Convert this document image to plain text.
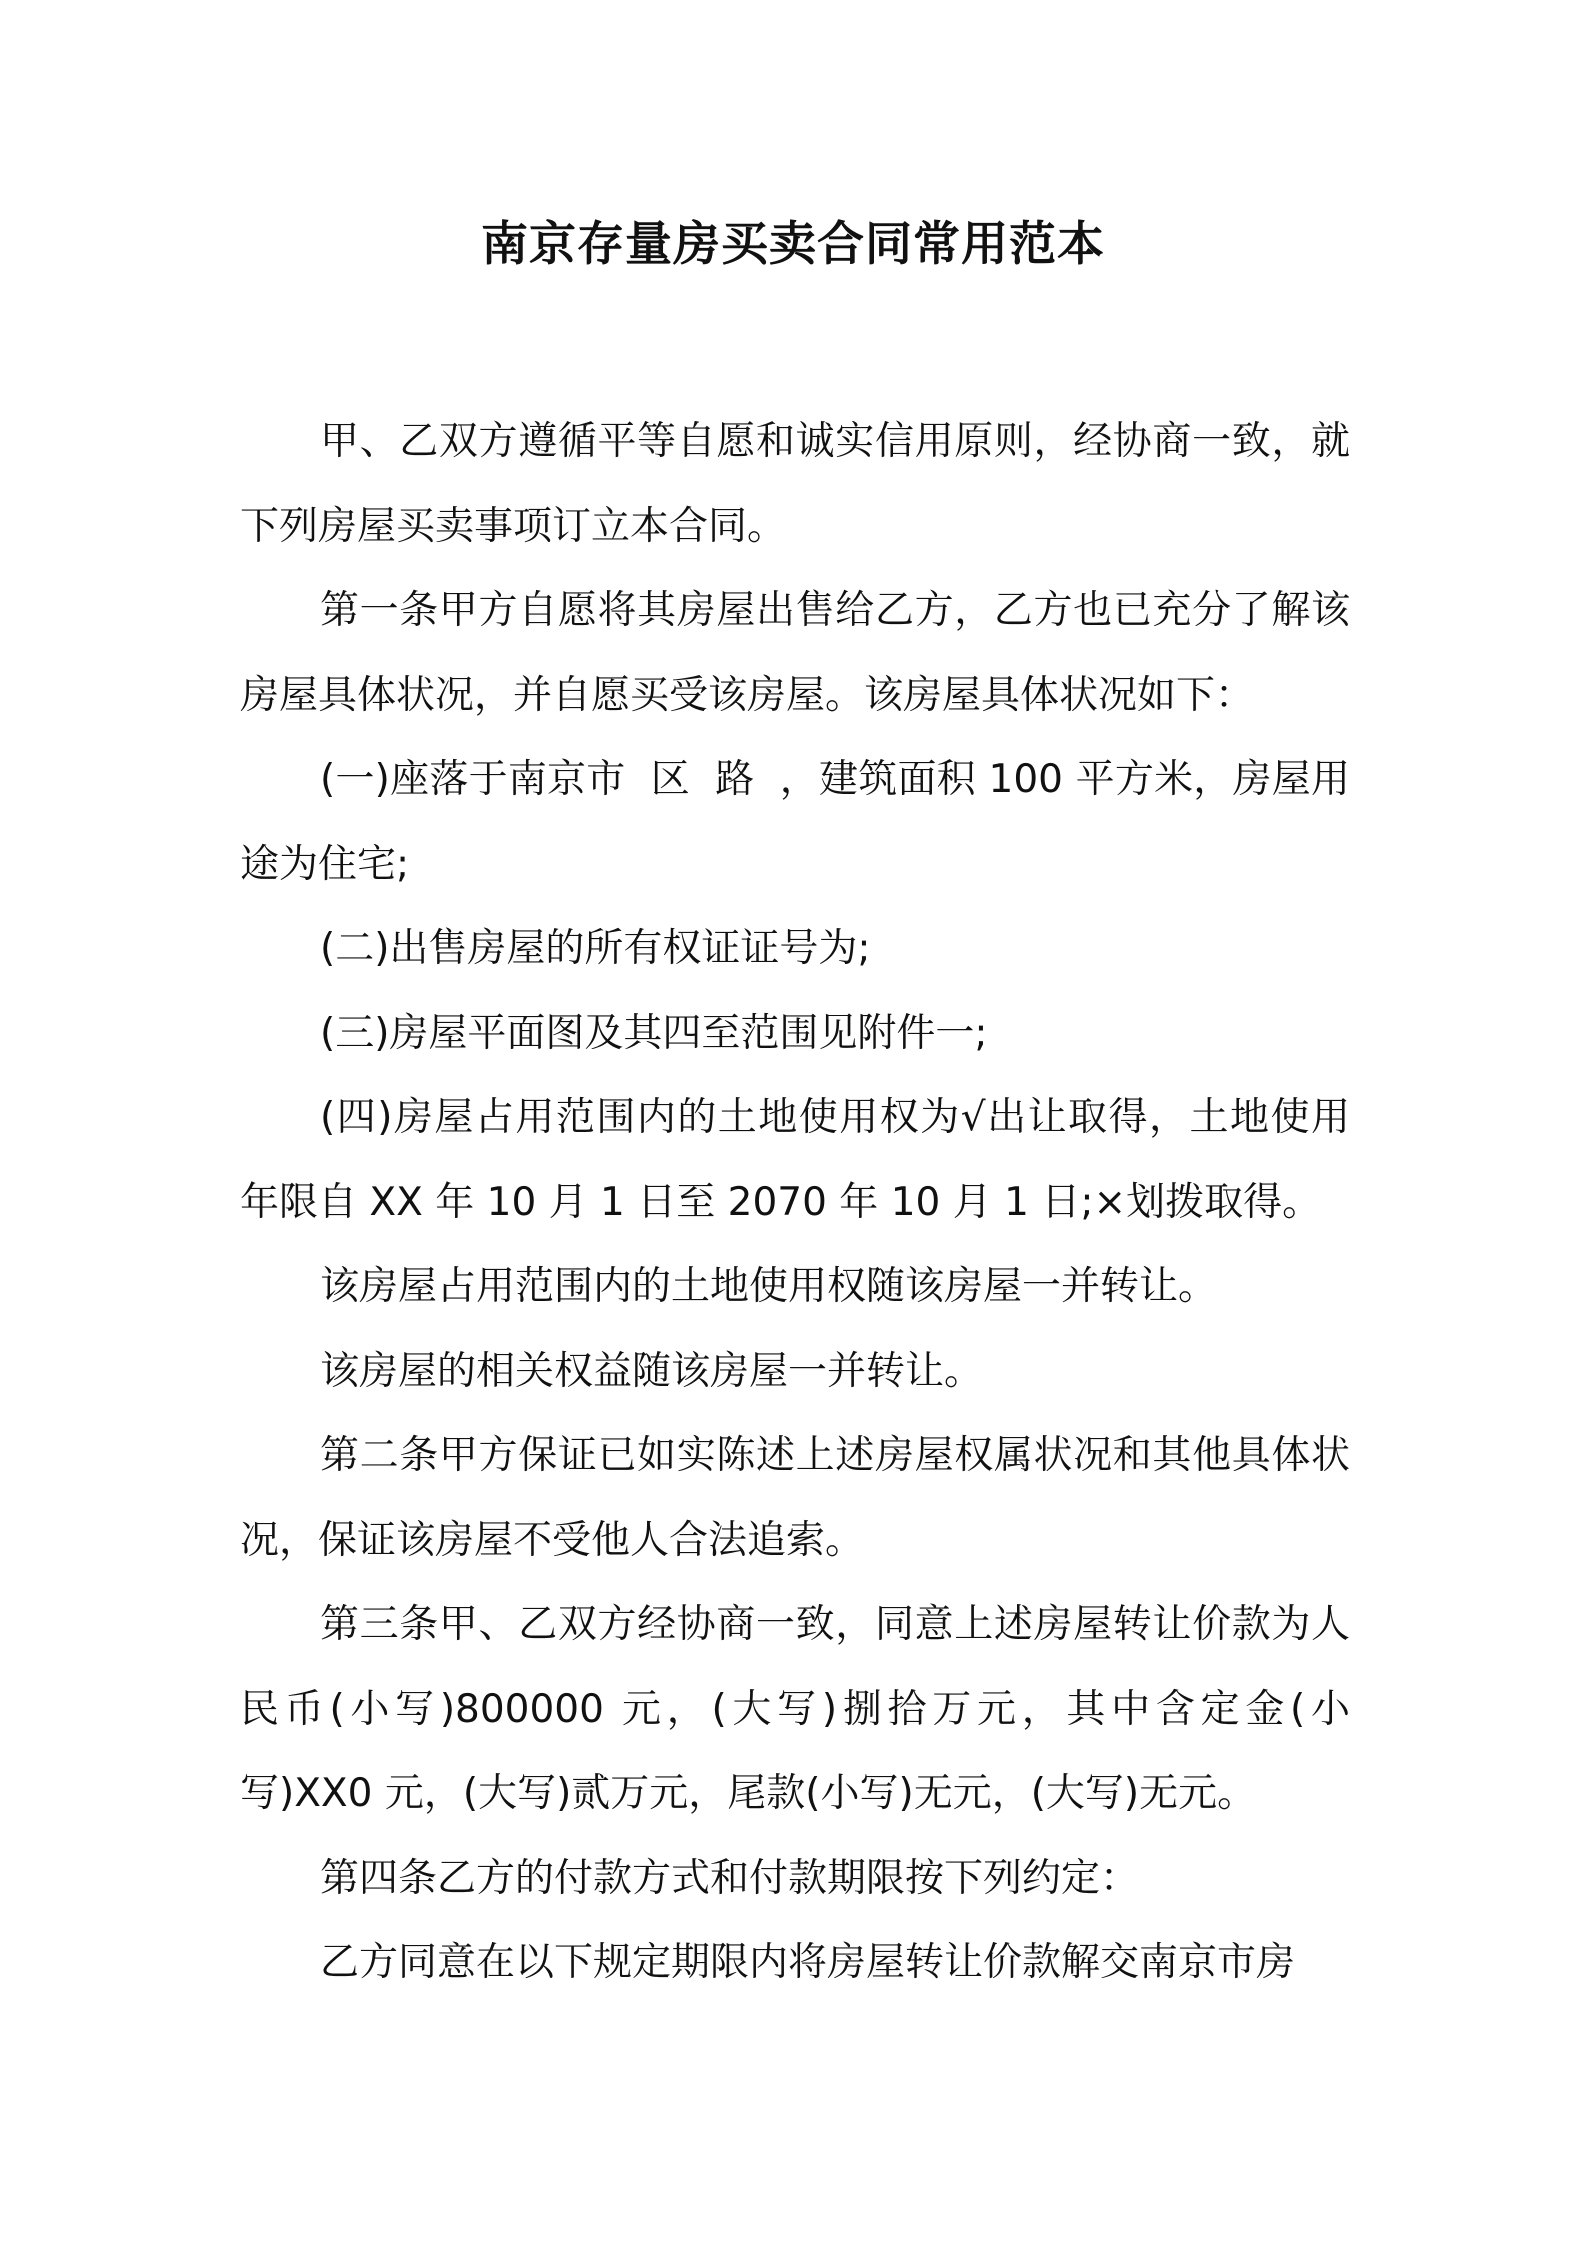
南京存量房买卖合同常用范本

甲、乙双方遵循平等自愿和诚实信用原则，经协商一致，就下列房屋买卖事项订立本合同。

第一条甲方自愿将其房屋出售给乙方，乙方也已充分了解该房屋具体状况，并自愿买受该房屋。该房屋具体状况如下：

(一)座落于南京市  区  路  ，建筑面积 100 平方米，房屋用途为住宅;

(二)出售房屋的所有权证证号为;

(三)房屋平面图及其四至范围见附件一;

(四)房屋占用范围内的土地使用权为√出让取得，土地使用年限自 XX 年 10 月 1 日至 2070 年 10 月 1 日;×划拨取得。

该房屋占用范围内的土地使用权随该房屋一并转让。

该房屋的相关权益随该房屋一并转让。

第二条甲方保证已如实陈述上述房屋权属状况和其他具体状况，保证该房屋不受他人合法追索。

第三条甲、乙双方经协商一致，同意上述房屋转让价款为人民币(小写)800000 元，(大写)捌拾万元，其中含定金(小写)XX0 元，(大写)贰万元，尾款(小写)无元，(大写)无元。

第四条乙方的付款方式和付款期限按下列约定：

乙方同意在以下规定期限内将房屋转让价款解交南京市房
